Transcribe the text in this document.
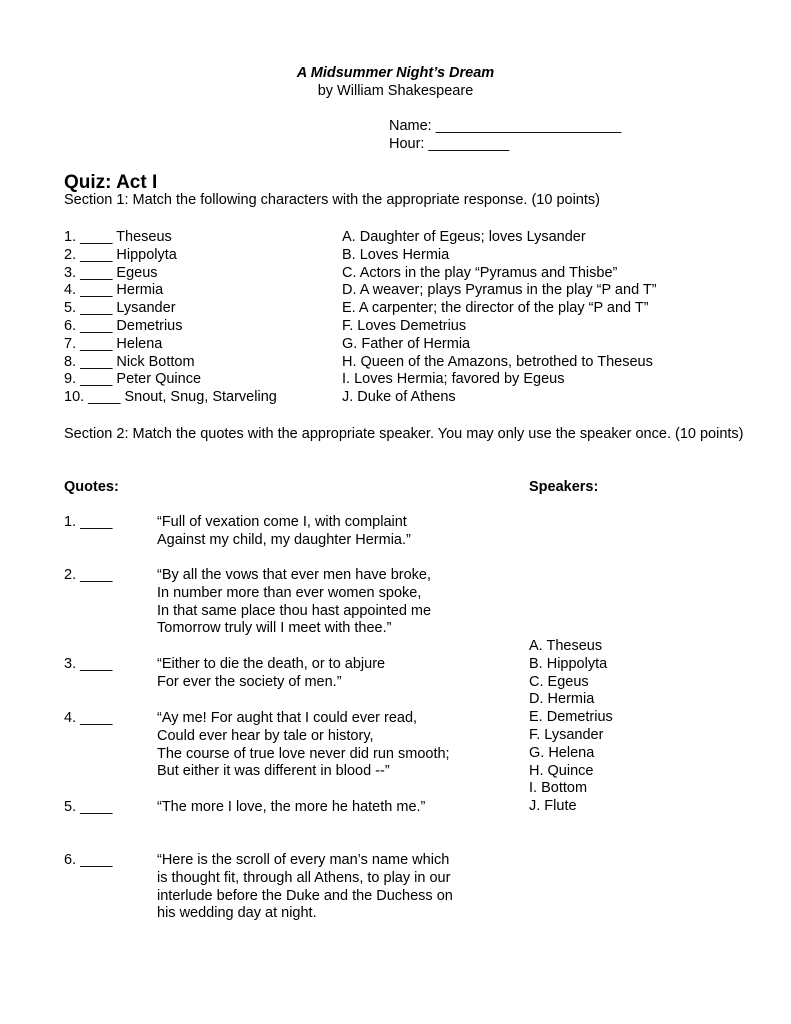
A Midsummer Night’s Dream
by William Shakespeare
Name: _______________________
Hour: __________
Quiz: Act I
Section 1: Match the following characters with the appropriate response. (10 points)
1. ____ Theseus
2. ____ Hippolyta
3. ____ Egeus
4. ____ Hermia
5. ____ Lysander
6. ____ Demetrius
7. ____ Helena
8. ____ Nick Bottom
9. ____ Peter Quince
10. ____ Snout, Snug, Starveling
A. Daughter of Egeus; loves Lysander
B. Loves Hermia
C. Actors in the play “Pyramus and Thisbe”
D. A weaver; plays Pyramus in the play “P and T”
E. A carpenter; the director of the play “P and T”
F. Loves Demetrius
G. Father of Hermia
H. Queen of the Amazons, betrothed to Theseus
I. Loves Hermia; favored by Egeus
J. Duke of Athens
Section 2: Match the quotes with the appropriate speaker. You may only use the speaker once. (10 points)
Quotes:	Speakers:
1. ____	“Full of vexation come I, with complaint
Against my child, my daughter Hermia.”
2. ____	“By all the vows that ever men have broke,
In number more than ever women spoke,
In that same place thou hast appointed me
Tomorrow truly will I meet with thee.”
3. ____	“Either to die the death, or to abjure
For ever the society of men.”
4. ____	“Ay me! For aught that I could ever read,
Could ever hear by tale or history,
The course of true love never did run smooth;
But either it was different in blood --”
5. ____	“The more I love, the more he hateth me.”
6. ____	“Here is the scroll of every man’s name which
is thought fit, through all Athens, to play in our
interlude before the Duke and the Duchess on
his wedding day at night.
A. Theseus
B. Hippolyta
C. Egeus
D. Hermia
E. Demetrius
F. Lysander
G. Helena
H. Quince
I. Bottom
J. Flute
